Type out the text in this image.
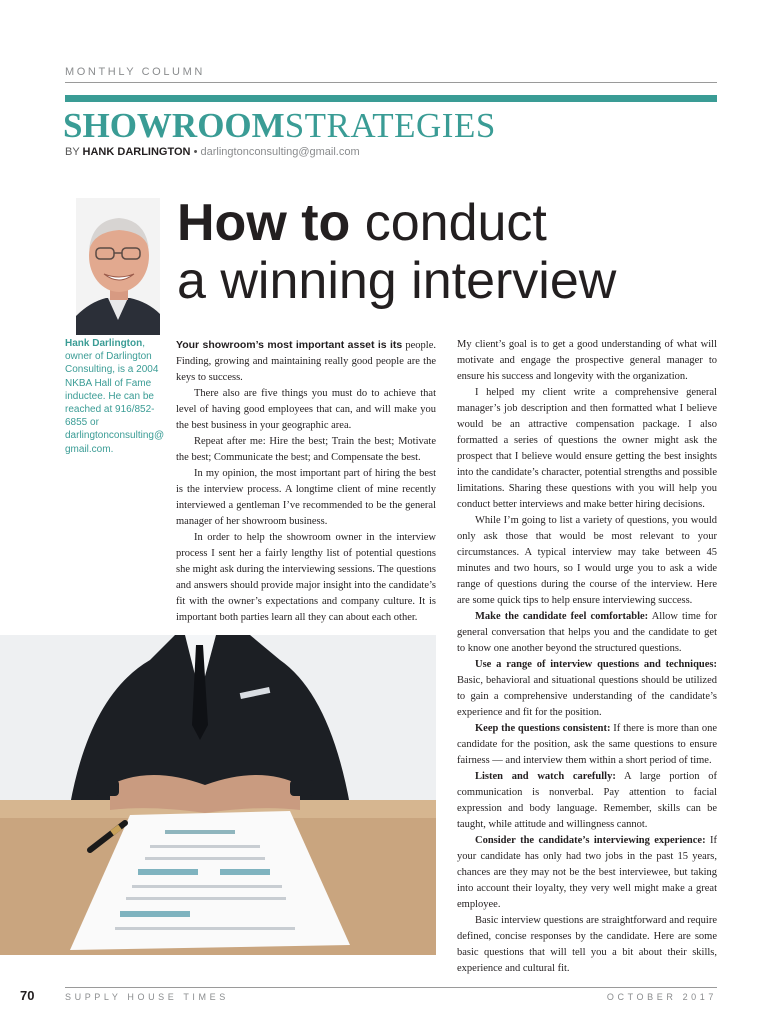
MONTHLY COLUMN
SHOWROOMSTRATEGIES
BY HANK DARLINGTON • darlingtonconsulting@gmail.com
How to conduct
a winning interview
Hank Darlington, owner of Darlington Consulting, is a 2004 NKBA Hall of Fame inductee. He can be reached at 916/852-6855 or darlingtonconsulting@ gmail.com.

Your showroom’s most important asset is its people. Finding, growing and maintaining really good people are the keys to success.

There also are five things you must do to achieve that level of having good employees that can, and will make you the best business in your geographic area.

Repeat after me: Hire the best; Train the best; Motivate the best; Communicate the best; and Compensate the best.

In my opinion, the most important part of hiring the best is the interview process. A longtime client of mine recently interviewed a gentleman I’ve recommended to be the general manager of her showroom business.

In order to help the showroom owner in the interview process I sent her a fairly lengthy list of potential questions she might ask during the interviewing sessions. The questions and answers should provide major insight into the candidate’s fit with the owner’s expectations and company culture. It is important both parties learn all they can about each other.

My client’s goal is to get a good understanding of what will motivate and engage the prospective general manager to ensure his success and longevity with the organization.

I helped my client write a comprehensive general manager’s job description and then formatted what I believe would be an attractive compensation package. I also formatted a series of questions the owner might ask the prospect that I believe would ensure getting the best insights into the candidate’s character, potential strengths and possible limitations. Sharing these questions with you will help you conduct better interviews and make better hiring decisions.

While I’m going to list a variety of questions, you would only ask those that would be most relevant to your circumstances. A typical interview may take between 45 minutes and two hours, so I would urge you to ask a wide range of questions during the course of the interview. Here are some quick tips to help ensure interviewing success.

Make the candidate feel comfortable: Allow time for general conversation that helps you and the candidate to get to know one another beyond the structured questions.

Use a range of interview questions and techniques: Basic, behavioral and situational questions should be utilized to gain a comprehensive understanding of the candidate’s experience and fit for the position.

Keep the questions consistent: If there is more than one candidate for the position, ask the same questions to ensure fairness — and interview them within a short period of time.

Listen and watch carefully: A large portion of communication is nonverbal. Pay attention to facial expression and body language. Remember, skills can be taught, while attitude and willingness cannot.

Consider the candidate’s interviewing experience: If your candidate has only had two jobs in the past 15 years, chances are they may not be the best interviewee, but taking into account their loyalty, they very well might make a great employee.

Basic interview questions are straightforward and require defined, concise responses by the candidate. Here are some basic questions that will tell you a bit about their skills, experience and cultural fit.

70	SUPPLY HOUSE TIMES	OCTOBER 2017
